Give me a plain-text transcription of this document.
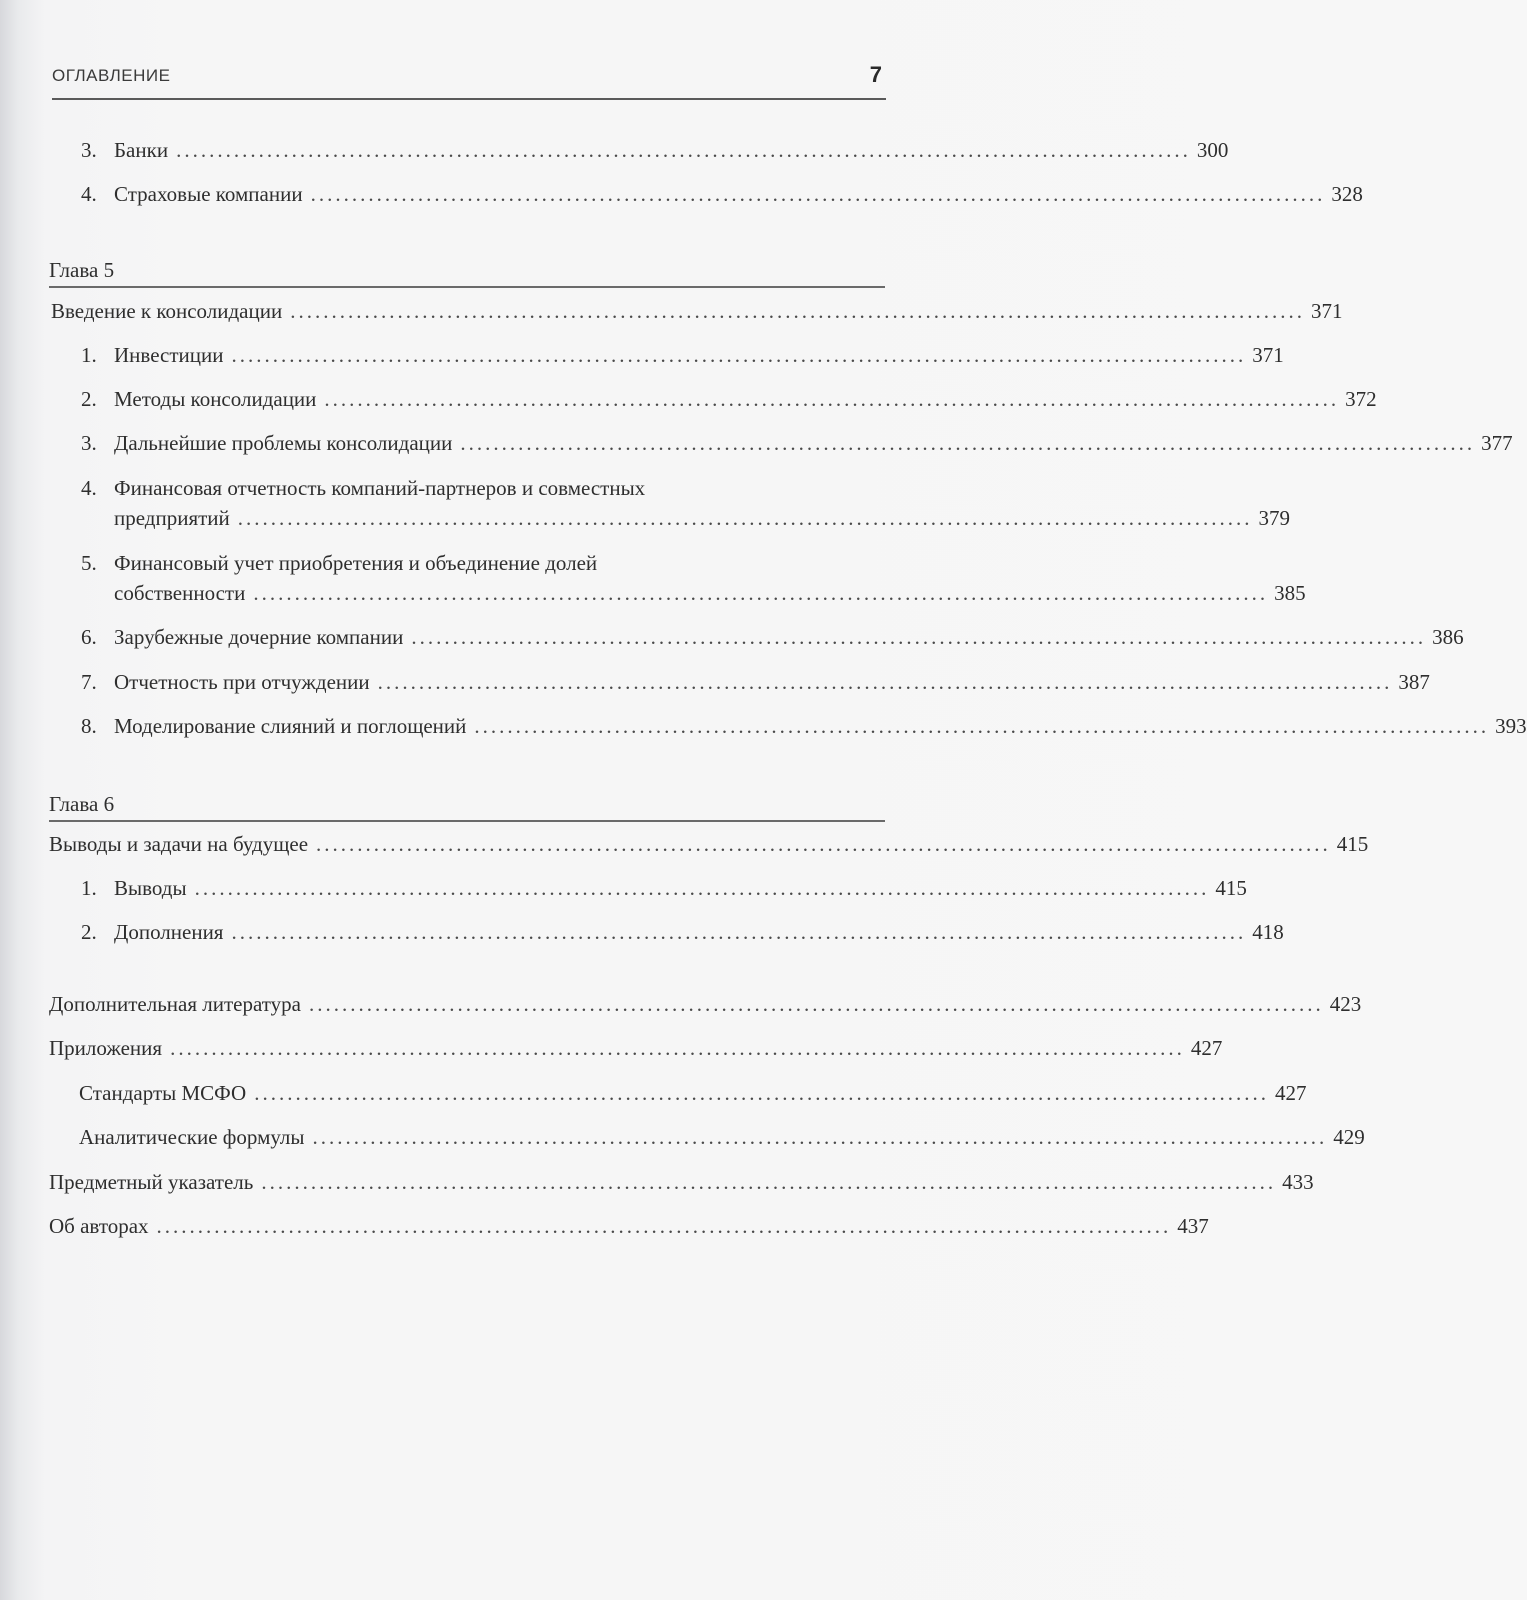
ОГЛАВЛЕНИЕ	7
3. Банки ........................................................................................................................... 300
4. Страховые компании ........................................................................................................................... 328
Глава 5
Введение к консолидации ........................................................................................................................... 371
1. Инвестиции ........................................................................................................................... 371
2. Методы консолидации ........................................................................................................................... 372
3. Дальнейшие проблемы консолидации ........................................................................................................................... 377
4. Финансовая отчетность компаний-партнеров и совместных
предприятий ........................................................................................................................... 379
5. Финансовый учет приобретения и объединение долей
собственности ........................................................................................................................... 385
6. Зарубежные дочерние компании ........................................................................................................................... 386
7. Отчетность при отчуждении ........................................................................................................................... 387
8. Моделирование слияний и поглощений ........................................................................................................................... 393
Глава 6
Выводы и задачи на будущее ........................................................................................................................... 415
1. Выводы ........................................................................................................................... 415
2. Дополнения ........................................................................................................................... 418
Дополнительная литература ........................................................................................................................... 423
Приложения ........................................................................................................................... 427
Стандарты МСФО ........................................................................................................................... 427
Аналитические формулы ........................................................................................................................... 429
Предметный указатель ........................................................................................................................... 433
Об авторах ........................................................................................................................... 437
